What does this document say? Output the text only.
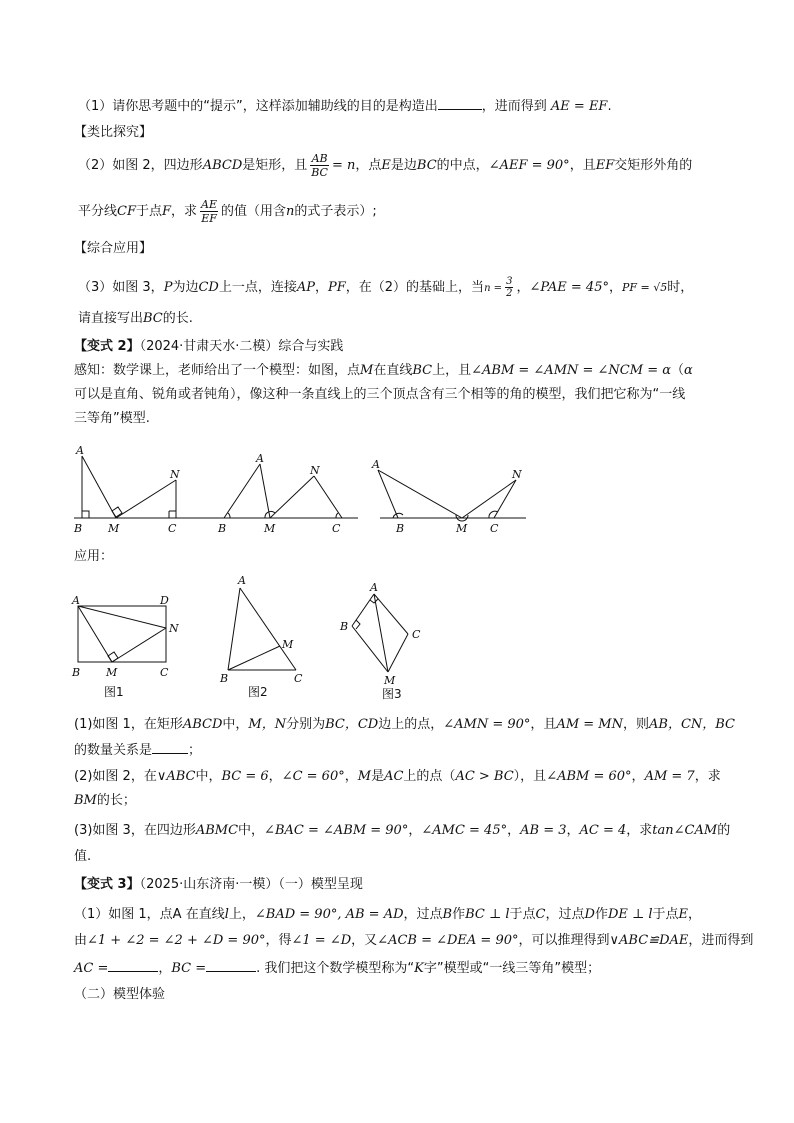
（1）请你思考题中的“提示”，这样添加辅助线的目的是构造出	，进而得到 AE = EF.
【类比探究】
（2）如图 2，四边形ABCD是矩形，且 $\frac{AB}{BC} = n$，点E是边BC的中点，∠AEF = 90°，且EF交矩形外角的
平分线CF于点F，求 $\frac{AE}{EF}$ 的值（用含n的式子表示）;
【综合应用】
（3）如图 3，P为边CD上一点，连接AP，PF，在（2）的基础上，当$n = \frac{3}{2}$ ，∠PAE = 45°，PF = √5时，
请直接写出BC的长.
【变式 2】（2024·甘肃天水·二模）综合与实践
感知：数学课上，老师给出了一个模型：如图，点M在直线BC上，且∠ABM = ∠AMN = ∠NCM = α（α
可以是直角、锐角或者钝角），像这种一条直线上的三个顶点含有三个相等的角的模型，我们把它称为“一线
三等角”模型.
A
B M	C
N
A
B	M	C
N	A
B	M C
N
应用：
A	D
B M	C
N
图1
A
B	C
M
图2
A
B
C
M
图3
(1)如图 1，在矩形ABCD中，M，N分别为BC，CD边上的点，∠AMN = 90°，且AM = MN，则AB，CN，BC
的数量关系是	；
(2)如图 2，在∨ABC中，BC = 6，∠C = 60°，M是AC上的点（AC > BC），且∠ABM = 60°，AM = 7，求
BM的长；
(3)如图 3，在四边形ABMC中，∠BAC = ∠ABM = 90°，∠AMC = 45°，AB = 3，AC = 4，求tan∠CAM的
值.
【变式 3】（2025·山东济南·一模）（一）模型呈现
（1）如图 1，点A 在直线l上，∠BAD = 90°, AB = AD，过点B作BC ⊥ l于点C，过点D作DE ⊥ l于点E，
由∠1 + ∠2 = ∠2 + ∠D = 90°，得∠1 = ∠D，又∠ACB = ∠DEA = 90°，可以推理得到∨ABC≌DAE，进而得到
AC =	，BC =	. 我们把这个数学模型称为“K字”模型或“一线三等角”模型；
（二）模型体验
